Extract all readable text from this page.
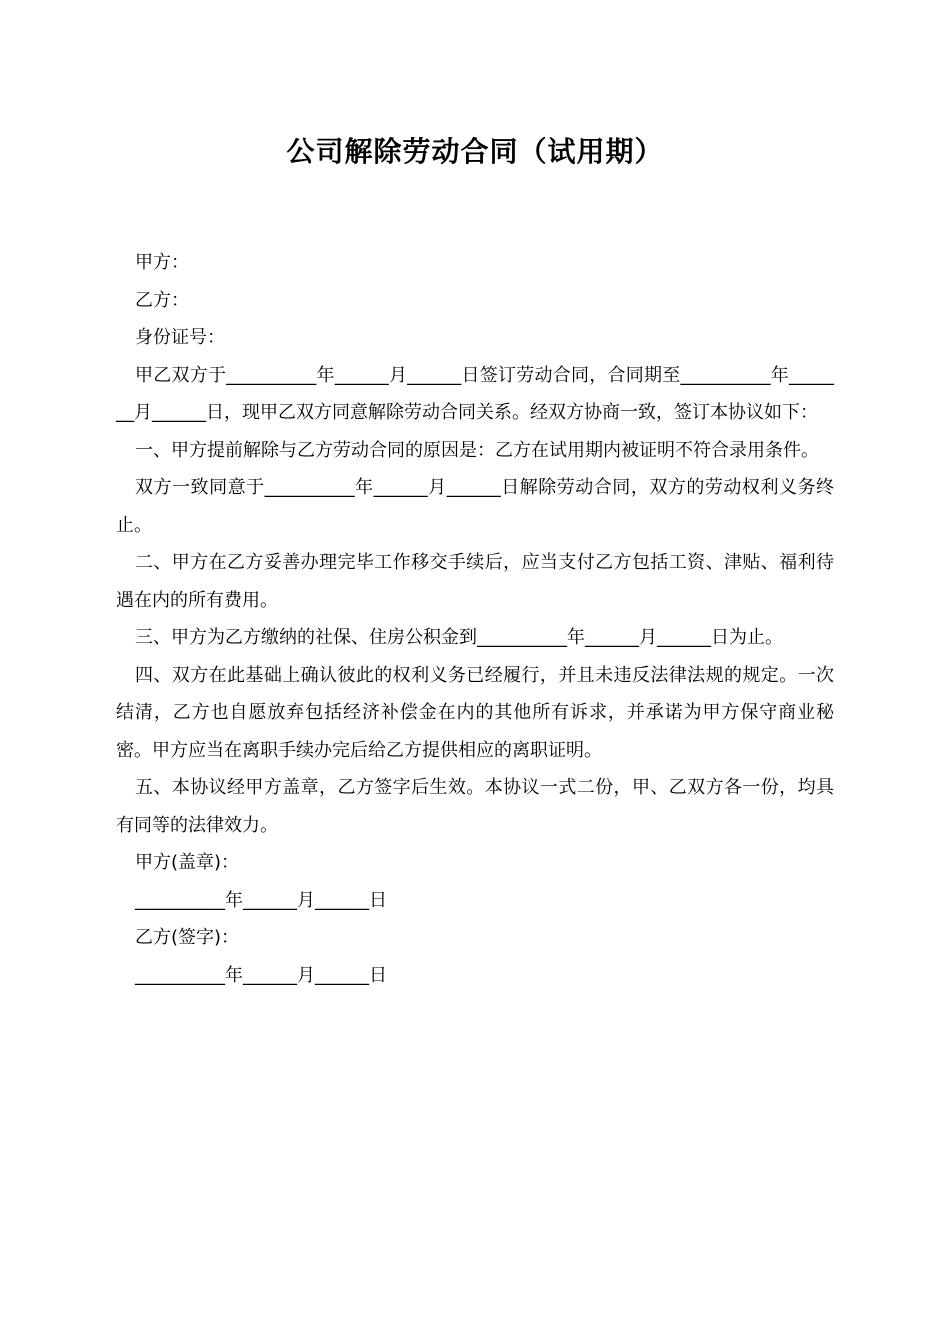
公司解除劳动合同（试用期）

甲方：

乙方：

身份证号：

甲乙双方于__________年______月______日签订劳动合同，合同期至__________年_______月______日，现甲乙双方同意解除劳动合同关系。经双方协商一致，签订本协议如下：

一、甲方提前解除与乙方劳动合同的原因是：乙方在试用期内被证明不符合录用条件。

双方一致同意于__________年______月______日解除劳动合同，双方的劳动权利义务终止。

二、甲方在乙方妥善办理完毕工作移交手续后，应当支付乙方包括工资、津贴、福利待遇在内的所有费用。

三、甲方为乙方缴纳的社保、住房公积金到__________年______月______日为止。

四、双方在此基础上确认彼此的权利义务已经履行，并且未违反法律法规的规定。一次结清，乙方也自愿放弃包括经济补偿金在内的其他所有诉求，并承诺为甲方保守商业秘密。甲方应当在离职手续办完后给乙方提供相应的离职证明。

五、本协议经甲方盖章，乙方签字后生效。本协议一式二份，甲、乙双方各一份，均具有同等的法律效力。

甲方(盖章)：

__________年______月______日

乙方(签字)：

__________年______月______日
